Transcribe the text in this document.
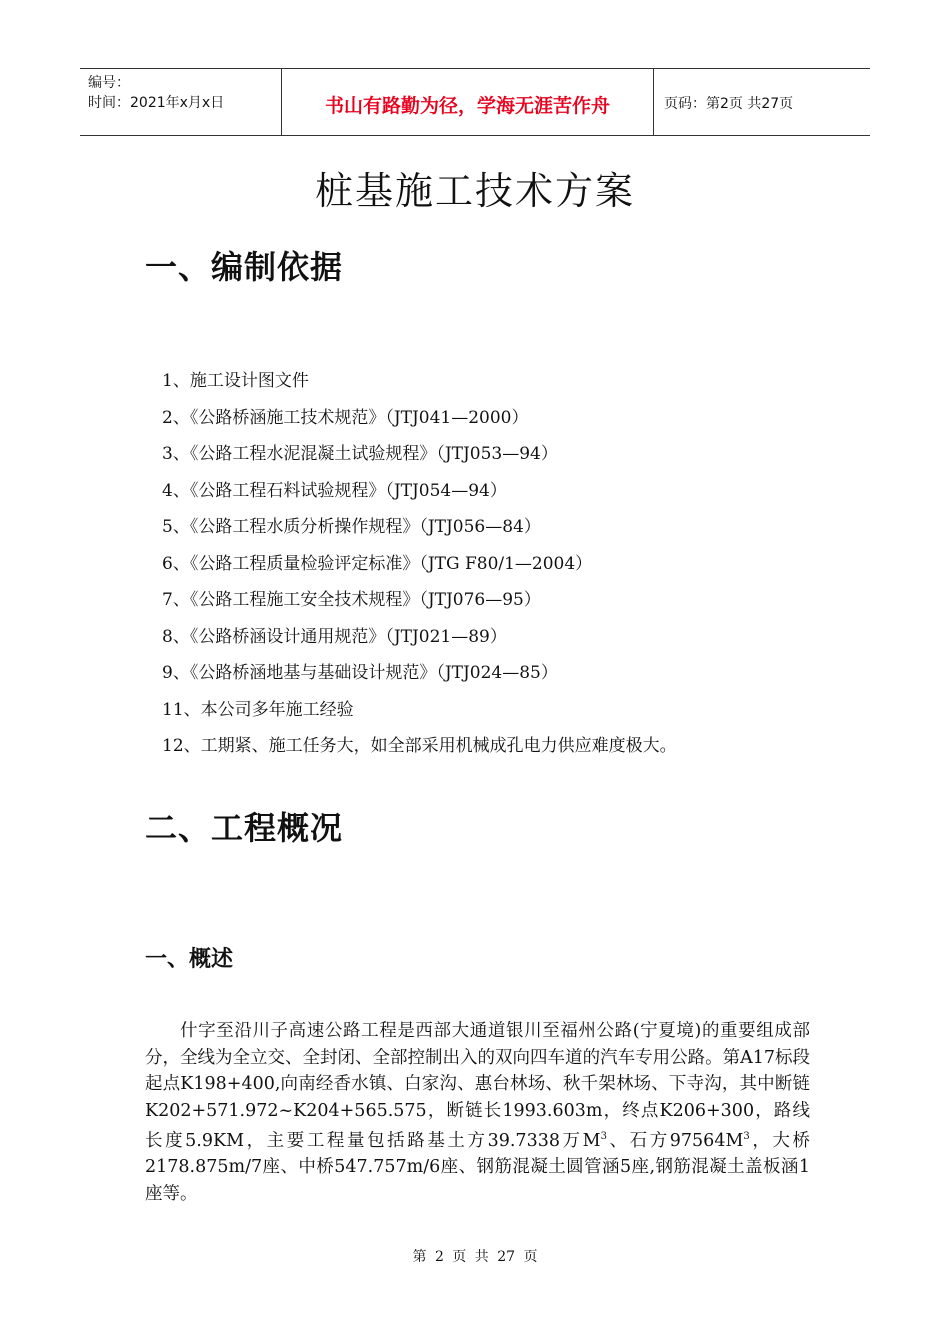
编号：
时间：2021年x月x日	书山有路勤为径，学海无涯苦作舟	页码：第2页 共27页
桩基施工技术方案
一、编制依据
1、施工设计图文件
2、《公路桥涵施工技术规范》（JTJ041—2000）
3、《公路工程水泥混凝土试验规程》（JTJ053—94）
4、《公路工程石料试验规程》（JTJ054—94）
5、《公路工程水质分析操作规程》（JTJ056—84）
6、《公路工程质量检验评定标准》（JTG F80/1—2004）
7、《公路工程施工安全技术规程》（JTJ076—95）
8、《公路桥涵设计通用规范》（JTJ021—89）
9、《公路桥涵地基与基础设计规范》（JTJ024—85）
11、本公司多年施工经验
12、工期紧、施工任务大，如全部采用机械成孔电力供应难度极大。
二、工程概况
一、概述

什字至沿川子高速公路工程是西部大通道银川至福州公路(宁夏境)的重要组成部分，全线为全立交、全封闭、全部控制出入的双向四车道的汽车专用公路。第A17标段起点K198+400,向南经香水镇、白家沟、惠台林场、秋千架林场、下寺沟，其中断链K202+571.972~K204+565.575，断链长1993.603m，终点K206+300，路线长度5.9KM，主要工程量包括路基土方39.7338万$M^3$、石方$97564M^3$，大桥2178.875m/7座、中桥547.757m/6座、钢筋混凝土圆管涵5座,钢筋混凝土盖板涵1座等。

第 2 页 共 27 页
